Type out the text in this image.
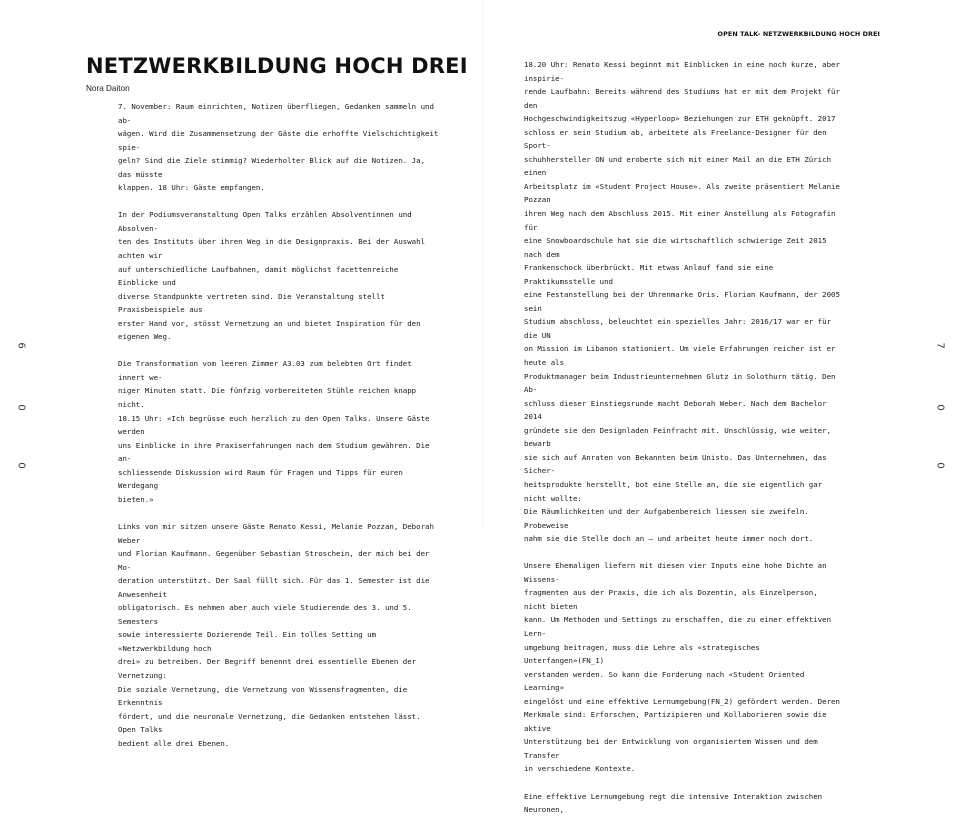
OPEN TALK- NETZWERKBILDUNG HOCH DREI
NETZWERKBILDUNG HOCH DREI
Nora Daiton

7. November: Raum einrichten, Notizen überfliegen, Gedanken sammeln und ab-
wägen. Wird die Zusammensetzung der Gäste die erhoffte Vielschichtigkeit spie-
geln? Sind die Ziele stimmig? Wiederholter Blick auf die Notizen. Ja, das müsste
klappen. 18 Uhr: Gäste empfangen.

In der Podiumsveranstaltung Open Talks erzählen Absolventinnen und Absolven-
ten des Instituts über ihren Weg in die Designpraxis. Bei der Auswahl achten wir
auf unterschiedliche Laufbahnen, damit möglichst facettenreiche Einblicke und
diverse Standpunkte vertreten sind. Die Veranstaltung stellt Praxisbeispiele aus
erster Hand vor, stösst Vernetzung an und bietet Inspiration für den eigenen Weg.

Die Transformation vom leeren Zimmer A3.03 zum belebten Ort findet innert we-
niger Minuten statt. Die fünfzig vorbereiteten Stühle reichen knapp nicht.

18.15 Uhr: «Ich begrüsse euch herzlich zu den Open Talks. Unsere Gäste werden
uns Einblicke in ihre Praxiserfahrungen nach dem Studium gewähren. Die an-
schliessende Diskussion wird Raum für Fragen und Tipps für euren Werdegang
bieten.»

Links von mir sitzen unsere Gäste Renato Kessi, Melanie Pozzan, Deborah Weber
und Florian Kaufmann. Gegenüber Sebastian Stroschein, der mich bei der Mo-
deration unterstützt. Der Saal füllt sich. Für das 1. Semester ist die Anwesenheit
obligatorisch. Es nehmen aber auch viele Studierende des 3. und 5. Semesters
sowie interessierte Dozierende Teil. Ein tolles Setting um «Netzwerkbildung hoch
drei» zu betreiben. Der Begriff benennt drei essentielle Ebenen der Vernetzung:
Die soziale Vernetzung, die Vernetzung von Wissensfragmenten, die Erkenntnis
fördert, und die neuronale Vernetzung, die Gedanken entstehen lässt. Open Talks
bedient alle drei Ebenen.

18.20 Uhr: Renato Kessi beginnt mit Einblicken in eine noch kurze, aber inspirie-
rende Laufbahn: Bereits während des Studiums hat er mit dem Projekt für den
Hochgeschwindigkeitszug «Hyperloop» Beziehungen zur ETH geknüpft. 2017
schloss er sein Studium ab, arbeitete als Freelance-Designer für den Sport-
schuhhersteller ON und eroberte sich mit einer Mail an die ETH Zürich einen
Arbeitsplatz im «Student Project House». Als zweite präsentiert Melanie Pozzan
ihren Weg nach dem Abschluss 2015. Mit einer Anstellung als Fotografin für
eine Snowboardschule hat sie die wirtschaftlich schwierige Zeit 2015 nach dem
Frankenschock überbrückt. Mit etwas Anlauf fand sie eine Praktikumsstelle und
eine Festanstellung bei der Uhrenmarke Oris. Florian Kaufmann, der 2005 sein
Studium abschloss, beleuchtet ein spezielles Jahr: 2016/17 war er für die UN
on Mission im Libanon stationiert. Um viele Erfahrungen reicher ist er heute als
Produktmanager beim Industrieunternehmen Glutz in Solothurn tätig. Den Ab-
schluss dieser Einstiegsrunde macht Deborah Weber. Nach dem Bachelor 2014
gründete sie den Designladen Feinfracht mit. Unschlüssig, wie weiter, bewarb
sie sich auf Anraten von Bekannten beim Unisto. Das Unternehmen, das Sicher-
heitsprodukte herstellt, bot eine Stelle an, die sie eigentlich gar nicht wollte:
Die Räumlichkeiten und der Aufgabenbereich liessen sie zweifeln. Probeweise
nahm sie die Stelle doch an – und arbeitet heute immer noch dort.

Unsere Ehemaligen liefern mit diesen vier Inputs eine hohe Dichte an Wissens-
fragmenten aus der Praxis, die ich als Dozentin, als Einzelperson, nicht bieten
kann. Um Methoden und Settings zu erschaffen, die zu einer effektiven Lern-
umgebung beitragen, muss die Lehre als «strategisches Unterfangen»(FN_1)
verstanden werden. So kann die Forderung nach «Student Oriented Learning»
eingelöst und eine effektive Lernumgebung(FN_2) gefördert werden. Deren
Merkmale sind: Erforschen, Partizipieren und Kollaborieren sowie die aktive
Unterstützung bei der Entwicklung von organisiertem Wissen und dem Transfer
in verschiedene Kontexte.

Eine effektive Lernumgebung regt die intensive Interaktion zwischen Neuronen,

0
0
6
0
0
7
